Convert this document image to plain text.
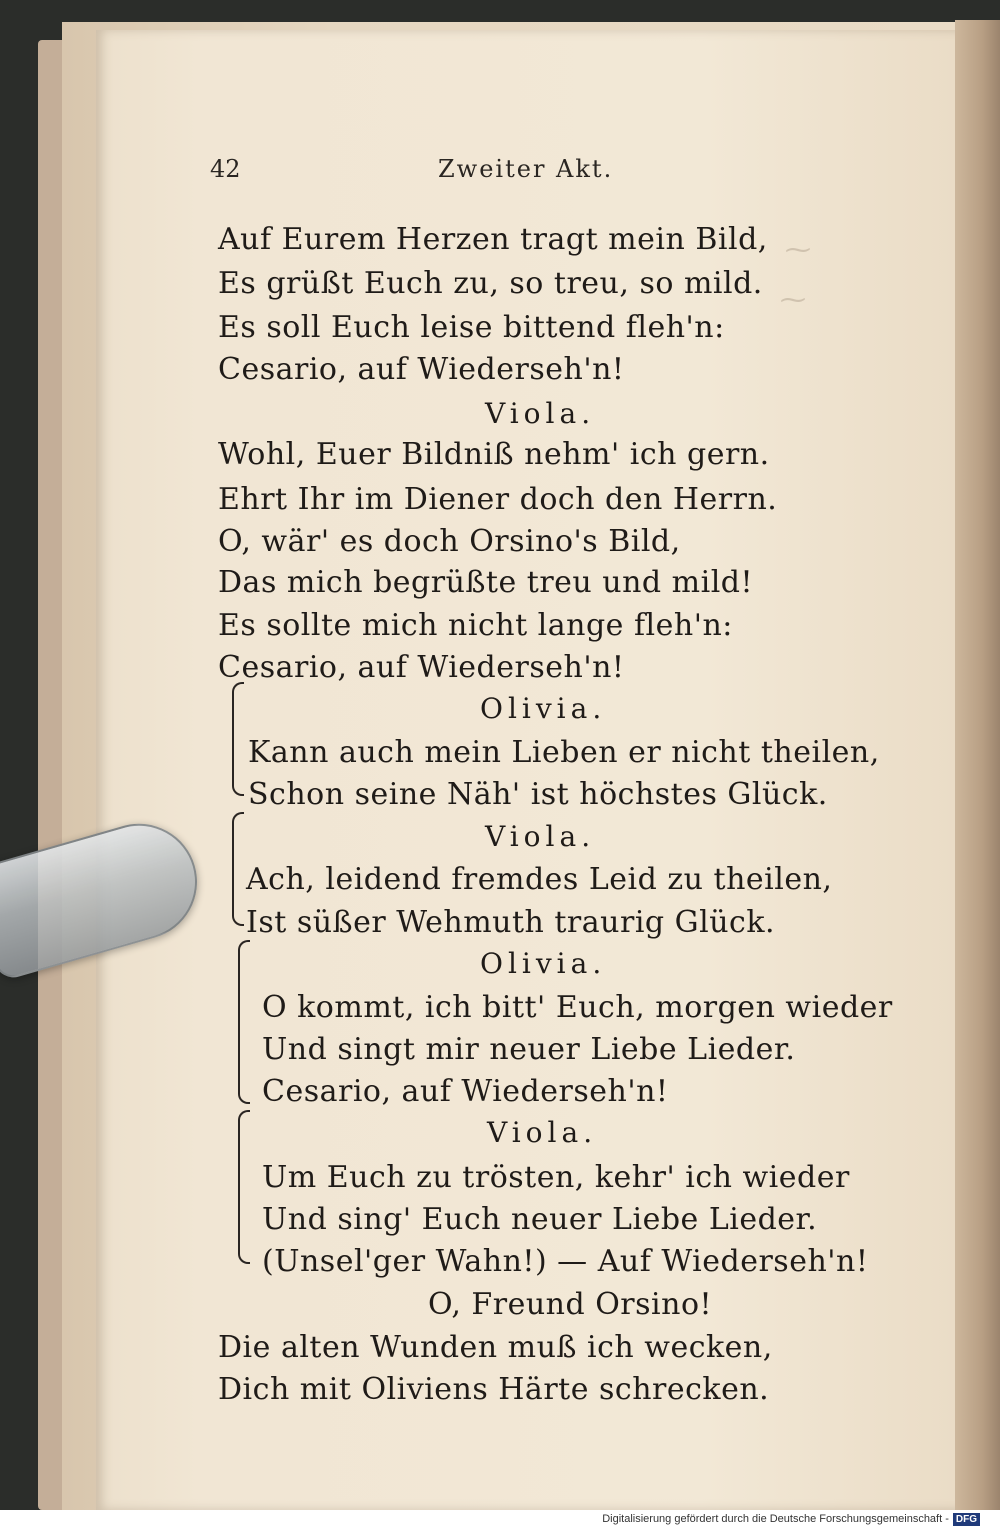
⁓
⁓
42	Zweiter Akt.
Auf Eurem Herzen tragt mein Bild,
Es grüßt Euch zu, so treu, so mild.
Es soll Euch leise bittend fleh'n:
Cesario, auf Wiederseh'n!
Viola.
Wohl, Euer Bildniß nehm' ich gern.
Ehrt Ihr im Diener doch den Herrn.
O, wär' es doch Orsino's Bild,
Das mich begrüßte treu und mild!
Es sollte mich nicht lange fleh'n:
Cesario, auf Wiederseh'n!
Olivia.
Kann auch mein Lieben er nicht theilen,
Schon seine Näh' ist höchstes Glück.
Viola.
Ach, leidend fremdes Leid zu theilen,
Ist süßer Wehmuth traurig Glück.
Olivia.
O kommt, ich bitt' Euch, morgen wieder
Und singt mir neuer Liebe Lieder.
Cesario, auf Wiederseh'n!
Viola.
Um Euch zu trösten, kehr' ich wieder
Und sing' Euch neuer Liebe Lieder.
(Unsel'ger Wahn!) — Auf Wiederseh'n!
O, Freund Orsino!
Die alten Wunden muß ich wecken,
Dich mit Oliviens Härte schrecken.
Digitalisierung gefördert durch die Deutsche Forschungsgemeinschaft - DFG
